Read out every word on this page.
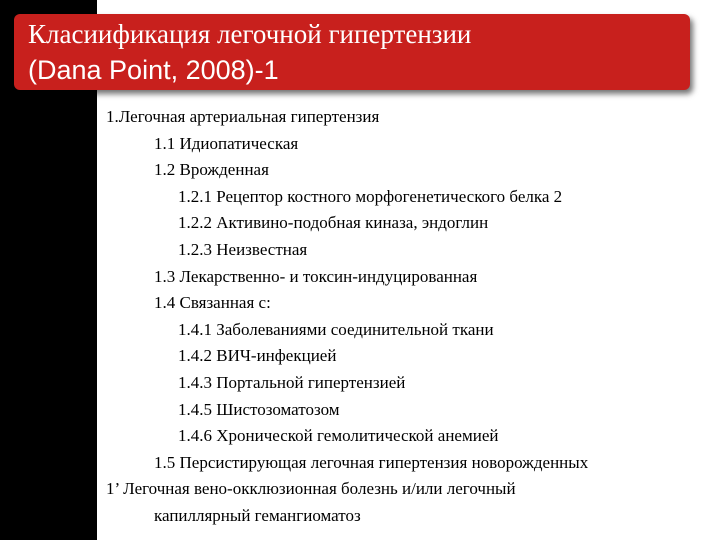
Класиификация легочной гипертензии
(Dana Point, 2008)-1
1.Легочная артериальная гипертензия
1.1 Идиопатическая
1.2 Врожденная
1.2.1 Рецептор костного морфогенетического белка 2
1.2.2 Активино-подобная киназа, эндоглин
1.2.3 Неизвестная
1.3 Лекарственно- и токсин-индуцированная
1.4 Связанная с:
1.4.1 Заболеваниями соединительной ткани
1.4.2 ВИЧ-инфекцией
1.4.3 Портальной гипертензией
1.4.5 Шистозоматозом
1.4.6 Хронической гемолитической анемией
1.5 Персистирующая легочная гипертензия новорожденных
1’ Легочная вено-окклюзионная болезнь и/или легочный
капиллярный гемангиоматоз
